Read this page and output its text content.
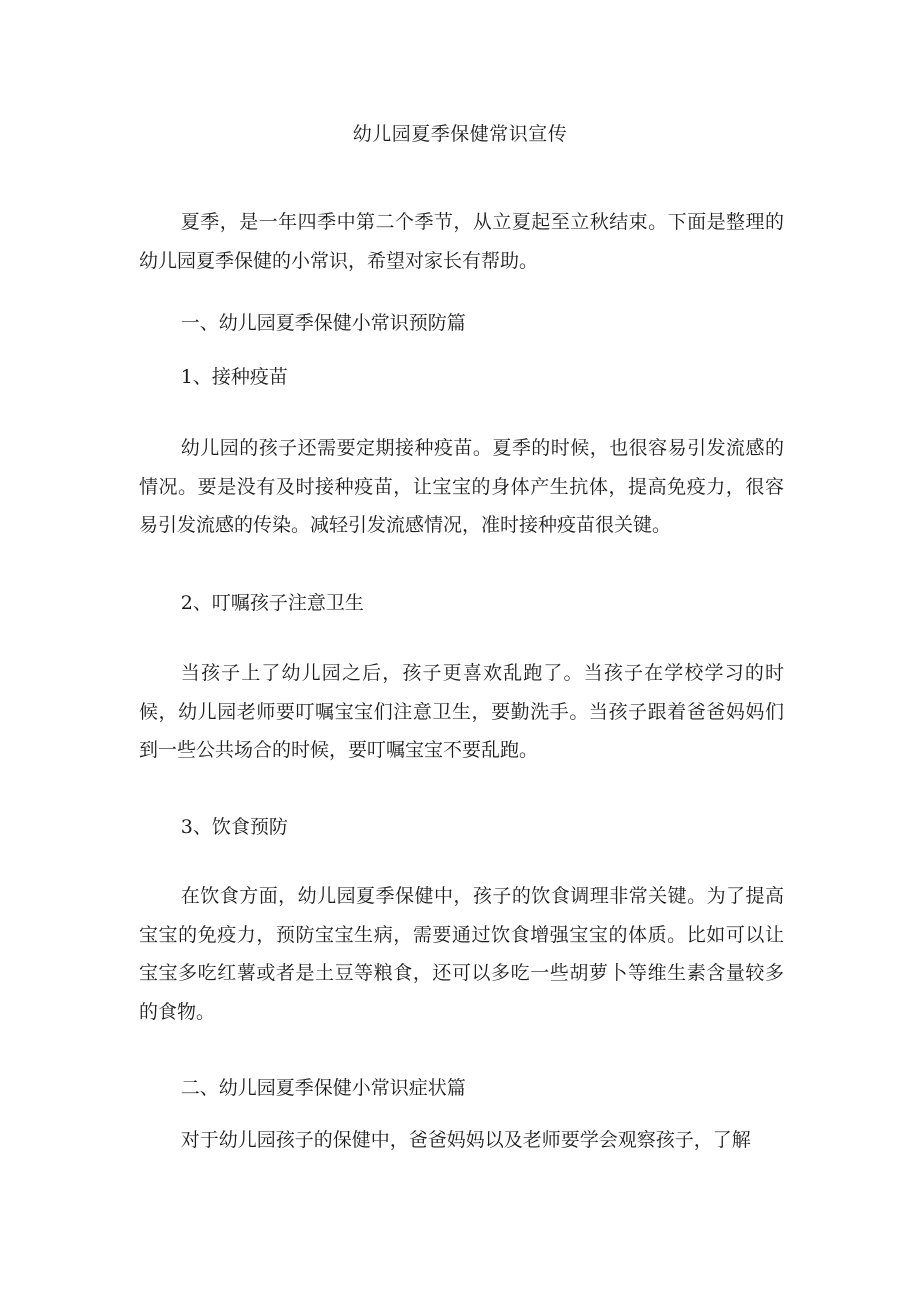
幼儿园夏季保健常识宣传

夏季，是一年四季中第二个季节，从立夏起至立秋结束。下面是整理的幼儿园夏季保健的小常识，希望对家长有帮助。

一、幼儿园夏季保健小常识预防篇

1、接种疫苗

幼儿园的孩子还需要定期接种疫苗。夏季的时候，也很容易引发流感的情况。要是没有及时接种疫苗，让宝宝的身体产生抗体，提高免疫力，很容易引发流感的传染。减轻引发流感情况，准时接种疫苗很关键。

2、叮嘱孩子注意卫生

当孩子上了幼儿园之后，孩子更喜欢乱跑了。当孩子在学校学习的时候，幼儿园老师要叮嘱宝宝们注意卫生，要勤洗手。当孩子跟着爸爸妈妈们到一些公共场合的时候，要叮嘱宝宝不要乱跑。

3、饮食预防

在饮食方面，幼儿园夏季保健中，孩子的饮食调理非常关键。为了提高宝宝的免疫力，预防宝宝生病，需要通过饮食增强宝宝的体质。比如可以让宝宝多吃红薯或者是土豆等粮食，还可以多吃一些胡萝卜等维生素含量较多的食物。

二、幼儿园夏季保健小常识症状篇

对于幼儿园孩子的保健中，爸爸妈妈以及老师要学会观察孩子，了解
